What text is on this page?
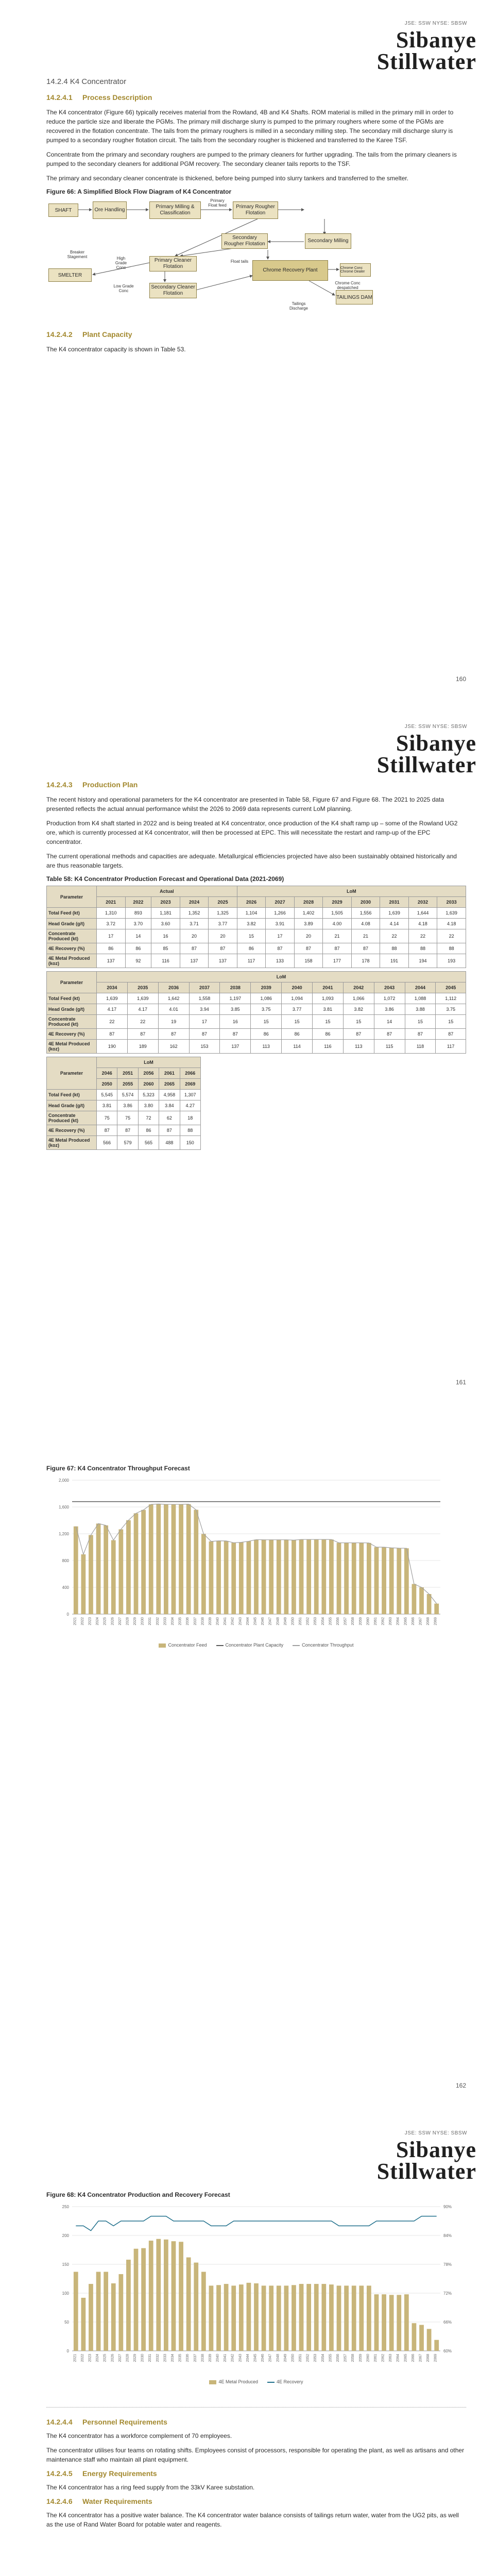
JSE: SSW NYSE: SBSW
Sibanye
Stillwater
14.2.4 K4 Concentrator
14.2.4.1 Process Description

The K4 concentrator (Figure 66) typically receives material from the Rowland, 4B and K4 Shafts. ROM material is milled in the primary mill in order to reduce the particle size and liberate the PGMs. The primary mill discharge slurry is pumped to the primary roughers where some of the PGMs are recovered in the flotation concentrate. The tails from the primary roughers is milled in a secondary milling step. The secondary mill discharge slurry is pumped to a secondary rougher flotation circuit. The tails from the secondary rougher is thickened and transferred to the Karee TSF.

Concentrate from the primary and secondary roughers are pumped to the primary cleaners for further upgrading. The tails from the primary cleaners is pumped to the secondary cleaners for additional PGM recovery. The secondary cleaner tails reports to the TSF.

The primary and secondary cleaner concentrate is thickened, before being pumped into slurry tankers and transferred to the smelter.

Figure 66: A Simplified Block Flow Diagram of K4 Concentrator
SHAFT	Ore Handling
Primary Milling & Classification
Primary Float feed	Primary Rougher Flotation
Secondary Milling
Secondary Rougher Flotation
Breaker Stagement	High Grade Conc
Primary Cleaner Flotation
SMELTER
Low Grade Conc
Secondary Cleaner Flotation
Float tails
Chrome Recovery Plant	Chrome Conc Chrome Dealer
Chrome Conc despatched
Tailings Discharge
TAILINGS DAM
14.2.4.2 Plant Capacity

The K4 concentrator capacity is shown in Table 53.

160
JSE: SSW NYSE: SBSW
Sibanye
Stillwater
14.2.4.3 Production Plan

The recent history and operational parameters for the K4 concentrator are presented in Table 58, Figure 67 and Figure 68. The 2021 to 2025 data presented reflects the actual annual performance whilst the 2026 to 2069 data represents current LoM planning.

Production from K4 shaft started in 2022 and is being treated at K4 concentrator, once production of the K4 shaft ramp up – some of the Rowland UG2 ore, which is currently processed at K4 concentrator, will then be processed at EPC. This will necessitate the restart and ramp-up of the EPC concentrator.

The current operational methods and capacities are adequate. Metallurgical efficiencies projected have also been sustainably obtained historically and are thus reasonable targets.

Table 58: K4 Concentrator Production Forecast and Operational Data (2021-2069)
Parameter	Actual					LoM							
	2021	2022	2023	2024	2025	2026	2027	2028	2029	2030	2031	2032	2033
Total Feed (kt)	1,310	893	1,181	1,352	1,325	1,104	1,266	1,402	1,505	1,556	1,639	1,644	1,639
Head Grade (g/t)	3.72	3.70	3.60	3.71	3.77	3.82	3.91	3.89	4.00	4.08	4.14	4.18	4.18
Concentrate Produced (kt)	17	14	16	20	20	15	17	20	21	21	22	22	22
4E Recovery (%)	86	86	85	87	87	86	87	87	87	87	88	88	88
4E Metal Produced (koz)	137	92	116	137	137	117	133	158	177	178	191	194	193
Parameter	LoM											
	2034	2035	2036	2037	2038	2039	2040	2041	2042	2043	2044	2045
Total Feed (kt)	1,639	1,639	1,642	1,558	1,197	1,086	1,094	1,093	1,066	1,072	1,088	1,112
Head Grade (g/t)	4.17	4.17	4.01	3.94	3.85	3.75	3.77	3.81	3.82	3.86	3.88	3.75
Concentrate Produced (kt)	22	22	19	17	16	15	15	15	15	14	15	15
4E Recovery (%)	87	87	87	87	87	86	86	86	87	87	87	87
4E Metal Produced (koz)	190	189	162	153	137	113	114	116	113	115	118	117
Parameter	LoM				
	2046	2051	2056	2061	2066
	2050	2055	2060	2065	2069
Total Feed (kt)	5,545	5,574	5,323	4,958	1,307
Head Grade (g/t)	3.81	3.86	3.80	3.84	4.27
Concentrate Produced (kt)	75	75	72	62	18
4E Recovery (%)	87	87	86	87	88
4E Metal Produced (koz)	566	579	565	488	150
161
Figure 67: K4 Concentrator Throughput Forecast
0
400
800
1,200
1,600
2,000
2021 2022 2023 2024 2025 2026 2027 2028 2029 2030 2031 2032 2033 2034 2035 2036 2037 2038 2039 2040 2041 2042 2043 2044 2045 2046 2047 2048 2049 2050 2051 2052 2053 2054 2055 2056 2057 2058 2059 2060 2061 2062 2063 2064 2065 2066 2067 2068 2069
Concentrator Feed	Concentrator Plant Capacity	Concentrator Throughput
162
JSE: SSW NYSE: SBSW
Sibanye
Stillwater
Figure 68: K4 Concentrator Production and Recovery Forecast
0
50
100
150
200
250
2021 2022 2023 2024 2025 2026 2027 2028 2029 2030 2031 2032 2033 2034 2035 2036 2037 2038 2039 2040 2041 2042 2043 2044 2045 2046 2047 2048 2049 2050 2051 2052 2053 2054 2055 2056 2057 2058 2059 2060 2061 2062 2063 2064 2065 2066 2067 2068 2069
60%
66%
72%
78%
84%
90%
4E Metal Produced	4E Recovery
14.2.4.4 Personnel Requirements

The K4 concentrator has a workforce complement of 70 employees.

The concentrator utilises four teams on rotating shifts. Employees consist of processors, responsible for operating the plant, as well as artisans and other maintenance staff who maintain all plant equipment.

14.2.4.5 Energy Requirements

The K4 concentrator has a ring feed supply from the 33kV Karee substation.

14.2.4.6 Water Requirements

The K4 concentrator has a positive water balance. The K4 concentrator water balance consists of tailings return water, water from the UG2 pits, as well as the use of Rand Water Board for potable water and reagents.
